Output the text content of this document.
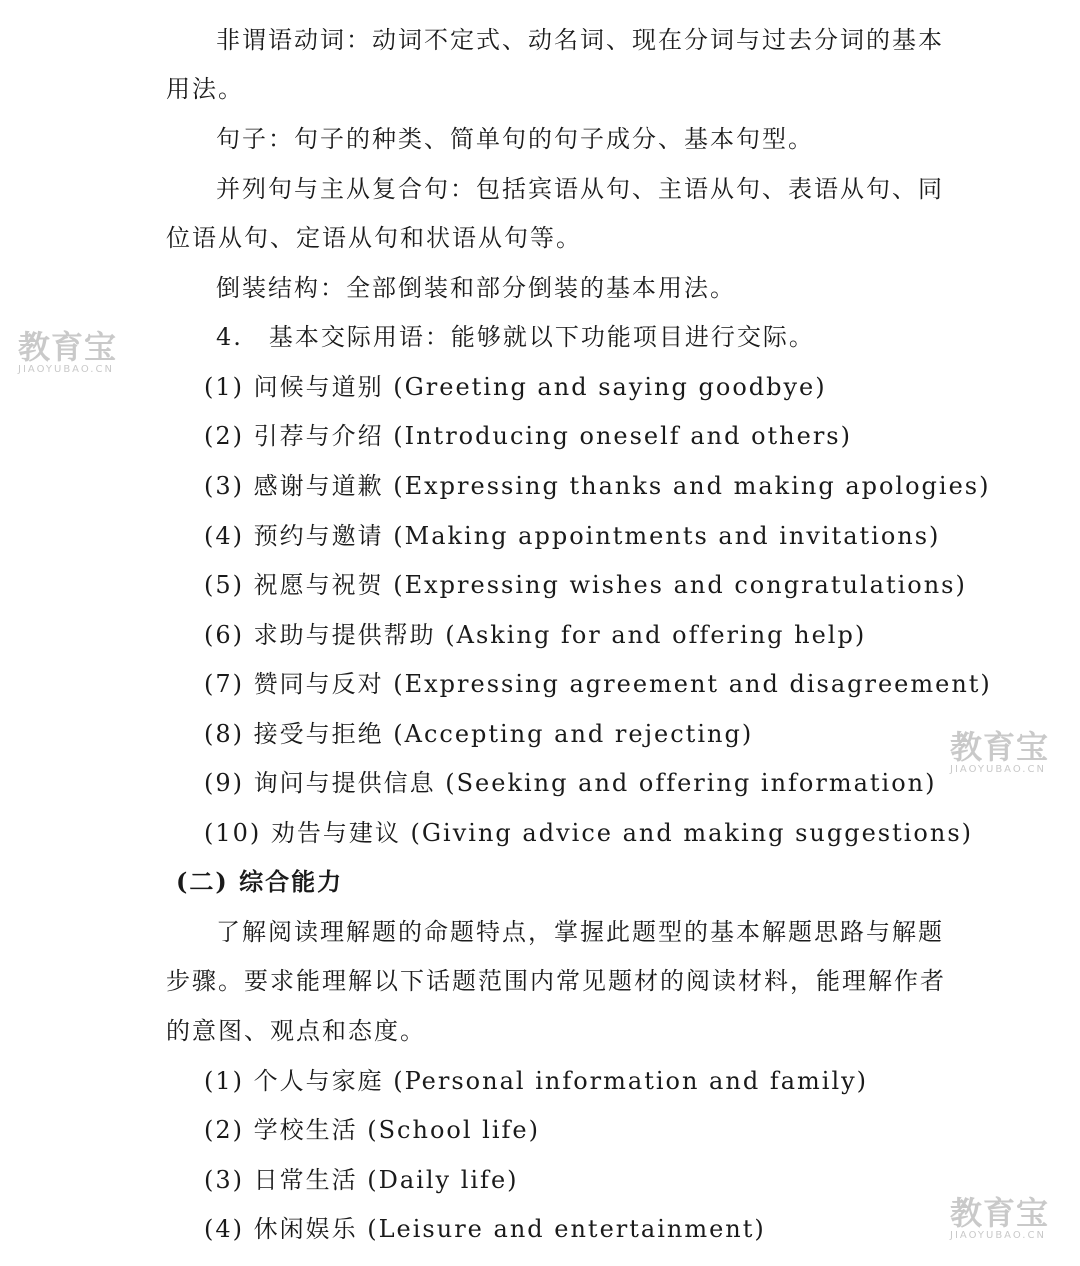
非谓语动词：动词不定式、动名词、现在分词与过去分词的基本
用法。
句子：句子的种类、简单句的句子成分、基本句型。
并列句与主从复合句：包括宾语从句、主语从句、表语从句、同
位语从句、定语从句和状语从句等。
倒装结构：全部倒装和部分倒装的基本用法。
4.　基本交际用语：能够就以下功能项目进行交际。
(1) 问候与道别 (Greeting and saying goodbye)
(2) 引荐与介绍 (Introducing oneself and others)
(3) 感谢与道歉 (Expressing thanks and making apologies)
(4) 预约与邀请 (Making appointments and invitations)
(5) 祝愿与祝贺 (Expressing wishes and congratulations)
(6) 求助与提供帮助 (Asking for and offering help)
(7) 赞同与反对 (Expressing agreement and disagreement)
(8) 接受与拒绝 (Accepting and rejecting)
(9) 询问与提供信息 (Seeking and offering information)
(10) 劝告与建议 (Giving advice and making suggestions)
(二) 综合能力
了解阅读理解题的命题特点，掌握此题型的基本解题思路与解题
步骤。要求能理解以下话题范围内常见题材的阅读材料，能理解作者
的意图、观点和态度。
(1) 个人与家庭 (Personal information and family)
(2) 学校生活 (School life)
(3) 日常生活 (Daily life)
(4) 休闲娱乐 (Leisure and entertainment)
教育宝
JIAOYUBAO.CN
教育宝
JIAOYUBAO.CN
教育宝
JIAOYUBAO.CN
